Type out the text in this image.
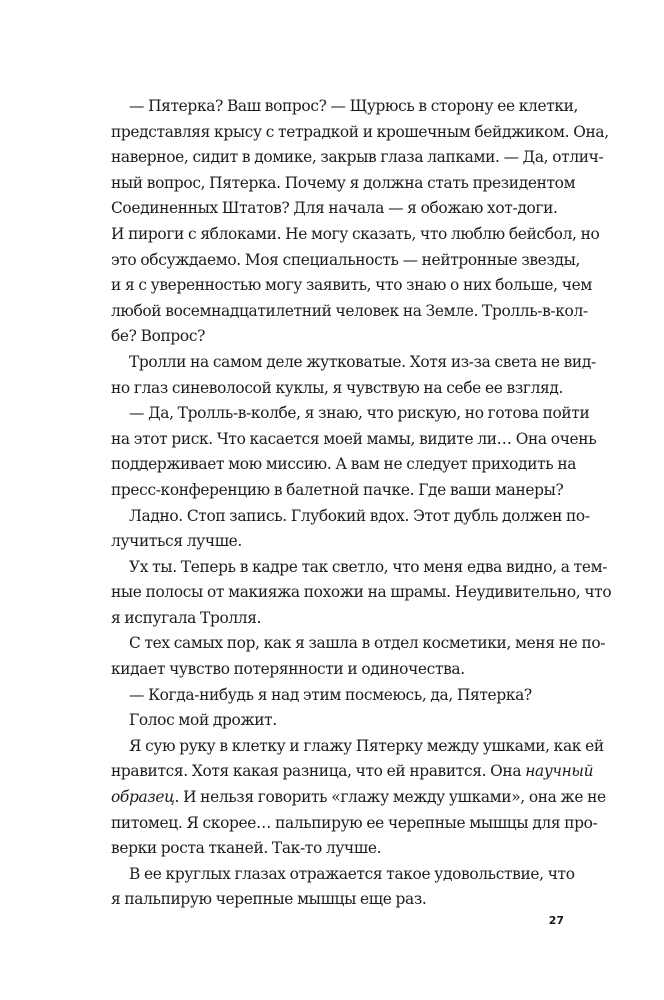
— Пятерка? Ваш вопрос? — Щурюсь в сторону ее клетки,
представляя крысу с тетрадкой и крошечным бейджиком. Она,
наверное, сидит в домике, закрыв глаза лапками. — Да, отлич-
ный вопрос, Пятерка. Почему я должна стать президентом
Соединенных Штатов? Для начала — я обожаю хот-доги.
И пироги с яблоками. Не могу сказать, что люблю бейсбол, но
это обсуждаемо. Моя специальность — нейтронные звезды,
и я с уверенностью могу заявить, что знаю о них больше, чем
любой восемнадцатилетний человек на Земле. Тролль-в-кол-
бе? Вопрос?

Тролли на самом деле жутковатые. Хотя из-за света не вид-
но глаз синеволосой куклы, я чувствую на себе ее взгляд.

— Да, Тролль-в-колбе, я знаю, что рискую, но готова пойти
на этот риск. Что касается моей мамы, видите ли… Она очень
поддерживает мою миссию. А вам не следует приходить на
пресс-конференцию в балетной пачке. Где ваши манеры?

Ладно. Стоп запись. Глубокий вдох. Этот дубль должен по-
лучиться лучше.

Ух ты. Теперь в кадре так светло, что меня едва видно, а тем-
ные полосы от макияжа похожи на шрамы. Неудивительно, что
я испугала Тролля.

С тех самых пор, как я зашла в отдел косметики, меня не по-
кидает чувство потерянности и одиночества.

— Когда-нибудь я над этим посмеюсь, да, Пятерка?

Голос мой дрожит.

Я сую руку в клетку и глажу Пятерку между ушками, как ей
нравится. Хотя какая разница, что ей нравится. Она научный
образец. И нельзя говорить «глажу между ушками», она же не
питомец. Я скорее… пальпирую ее черепные мышцы для про-
верки роста тканей. Так-то лучше.

В ее круглых глазах отражается такое удовольствие, что
я пальпирую черепные мышцы еще раз.

27
